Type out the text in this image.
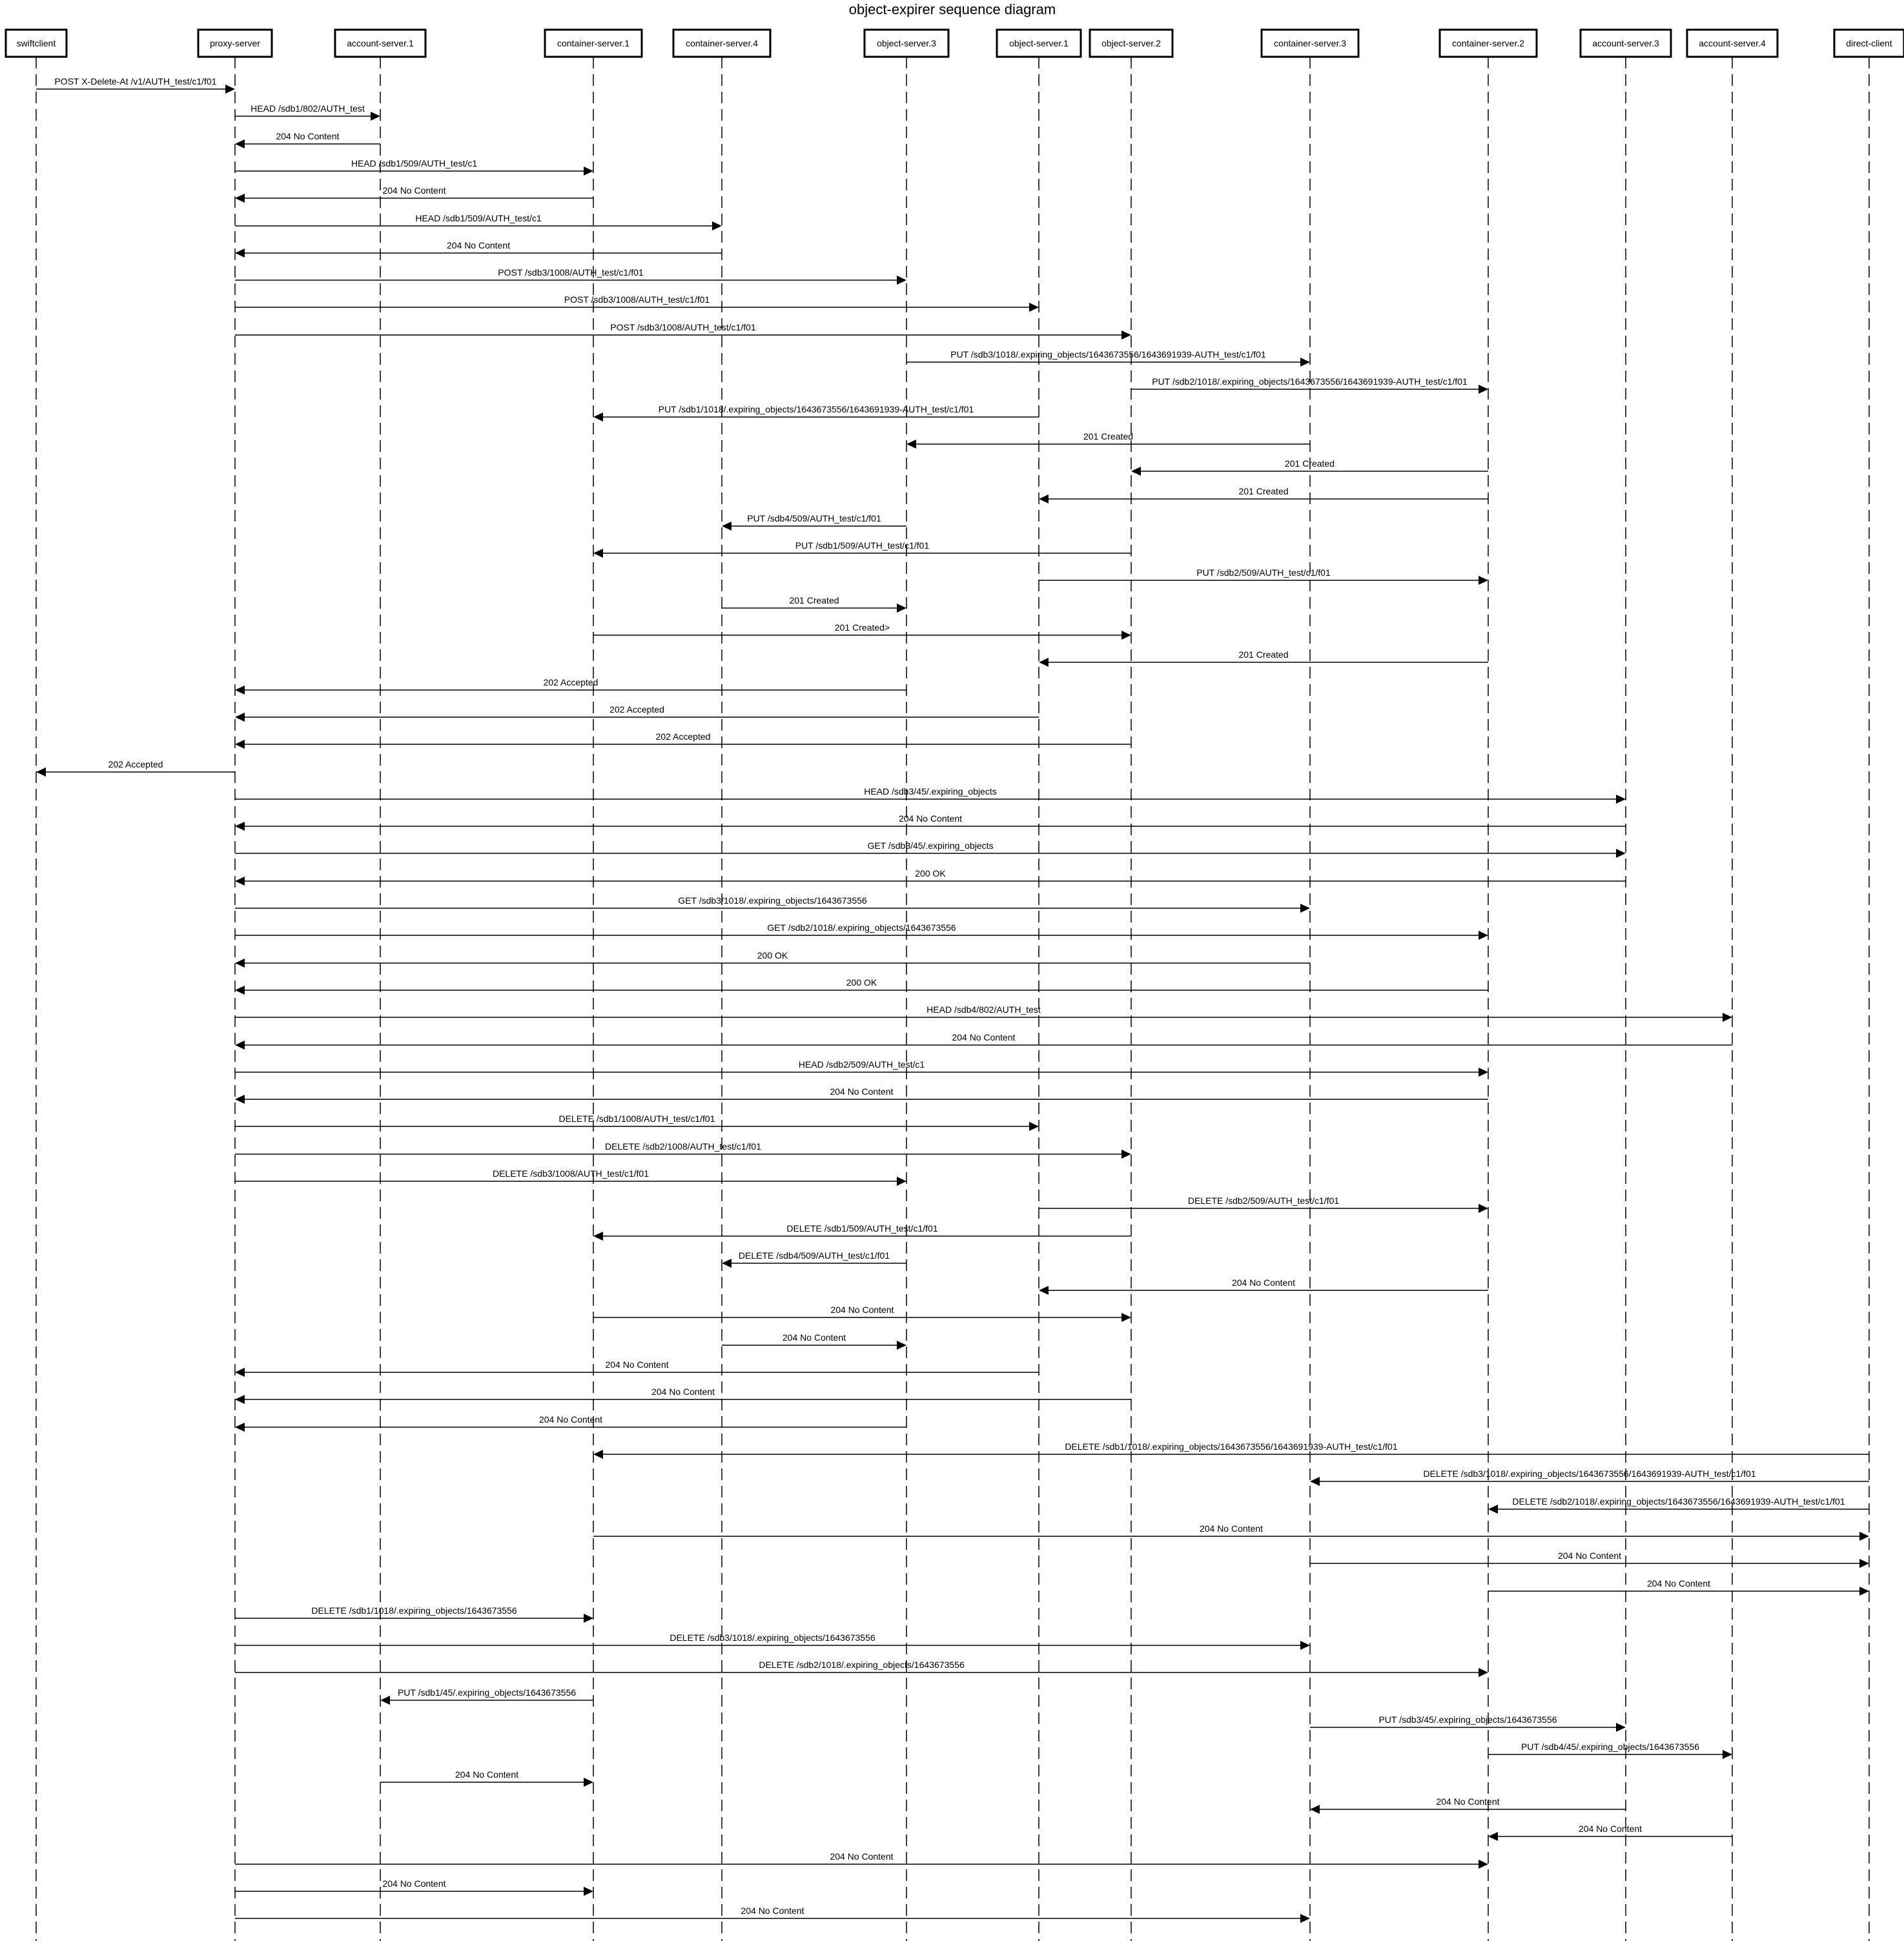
object-expirer sequence diagram
swiftclient	proxy-server	account-server.1	container-server.1	container-server.4	object-server.3	object-server.1	object-server.2	container-server.3	container-server.2	account-server.3	account-server.4	direct-client
POST X-Delete-At /v1/AUTH_test/c1/f01
HEAD /sdb1/802/AUTH_test
204 No Content
HEAD /sdb1/509/AUTH_test/c1
204 No Content
HEAD /sdb1/509/AUTH_test/c1
204 No Content
POST /sdb3/1008/AUTH_test/c1/f01
POST /sdb3/1008/AUTH_test/c1/f01
POST /sdb3/1008/AUTH_test/c1/f01
PUT /sdb3/1018/.expiring_objects/1643673556/1643691939-AUTH_test/c1/f01
PUT /sdb2/1018/.expiring_objects/1643673556/1643691939-AUTH_test/c1/f01
PUT /sdb1/1018/.expiring_objects/1643673556/1643691939-AUTH_test/c1/f01
201 Created
201 Created
201 Created
PUT /sdb4/509/AUTH_test/c1/f01
PUT /sdb1/509/AUTH_test/c1/f01
PUT /sdb2/509/AUTH_test/c1/f01
201 Created
201 Created>
201 Created
202 Accepted
202 Accepted
202 Accepted
202 Accepted
HEAD /sdb3/45/.expiring_objects
204 No Content
GET /sdb3/45/.expiring_objects
200 OK
GET /sdb3/1018/.expiring_objects/1643673556
GET /sdb2/1018/.expiring_objects/1643673556
200 OK
200 OK
HEAD /sdb4/802/AUTH_test
204 No Content
HEAD /sdb2/509/AUTH_test/c1
204 No Content
DELETE /sdb1/1008/AUTH_test/c1/f01
DELETE /sdb2/1008/AUTH_test/c1/f01
DELETE /sdb3/1008/AUTH_test/c1/f01
DELETE /sdb2/509/AUTH_test/c1/f01
DELETE /sdb1/509/AUTH_test/c1/f01
DELETE /sdb4/509/AUTH_test/c1/f01
204 No Content
204 No Content
204 No Content
204 No Content
204 No Content
204 No Content
DELETE /sdb1/1018/.expiring_objects/1643673556/1643691939-AUTH_test/c1/f01
DELETE /sdb3/1018/.expiring_objects/1643673556/1643691939-AUTH_test/c1/f01
DELETE /sdb2/1018/.expiring_objects/1643673556/1643691939-AUTH_test/c1/f01
204 No Content
204 No Content
204 No Content
DELETE /sdb1/1018/.expiring_objects/1643673556
DELETE /sdb3/1018/.expiring_objects/1643673556
DELETE /sdb2/1018/.expiring_objects/1643673556
PUT /sdb1/45/.expiring_objects/1643673556
PUT /sdb3/45/.expiring_objects/1643673556
PUT /sdb4/45/.expiring_objects/1643673556
204 No Content
204 No Content
204 No Content
204 No Content
204 No Content
204 No Content
